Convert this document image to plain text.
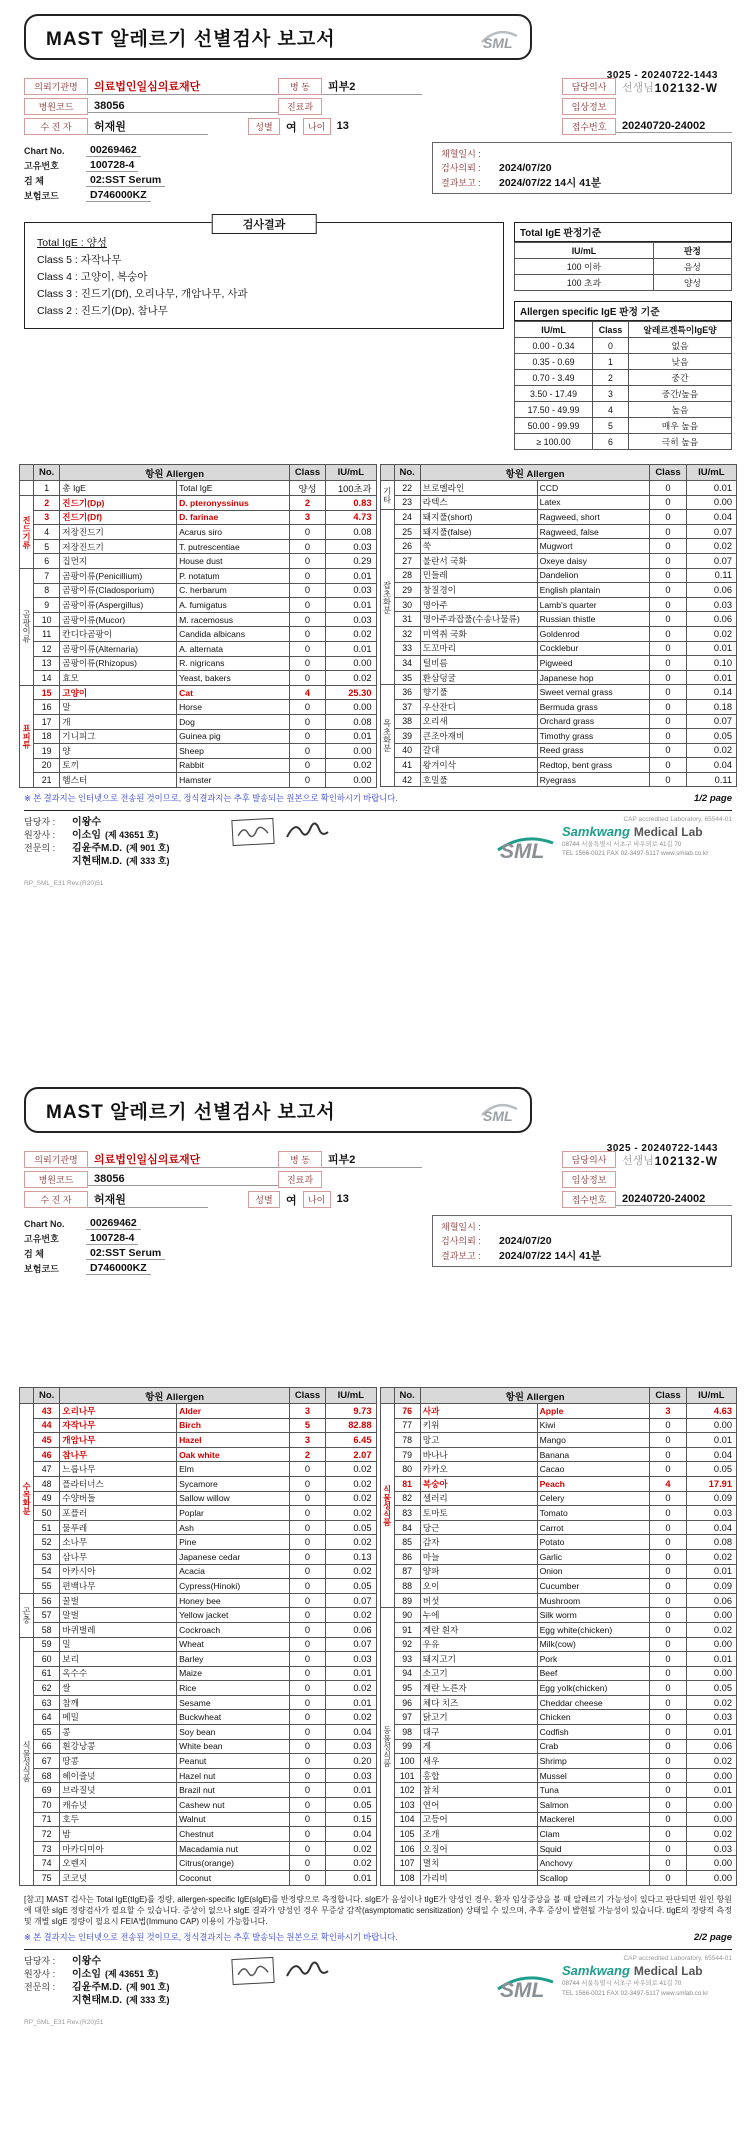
MAST 알레르기 선별검사 보고서	SML
3025 - 20240722-1443
102132-W
의뢰기관명	의료법인일심의료재단	병 동	피부2	담당의사	선생님
병원코드	38056	진료과	임상정보
수 진 자	허재원	성별	여	나이	13	접수번호	20240720-24002
Chart No.	00269462
고유번호	100728-4
검 체	02:SST Serum
보험코드	D746000KZ
채혈일시 :
검사의뢰 :	2024/07/20
결과보고 :	2024/07/22 14시 41분
검사결과
Total IgE : 양성
Class 5 : 자작나무
Class 4 : 고양이, 복숭아
Class 3 : 진드기(Df), 오리나무, 개암나무, 사과
Class 2 : 진드기(Dp), 참나무
Total IgE 판정기준
IU/mL	판정
100 이하	음성
100 초과	양성
Allergen specific IgE 판정 기준
IU/mL	Class	알레르겐특이IgE양
0.00 - 0.34	0	없음
0.35 - 0.69	1	낮음
0.70 - 3.49	2	중간
3.50 - 17.49	3	중간/높음
17.50 - 49.99	4	높음
50.00 - 99.99	5	매우 높음
≥ 100.00	6	극히 높음
	No.	항원 Allergen		Class	IU/mL
	1	총 IgE	Total IgE	양성	100초과
진드기류	2	진드기(Dp)	D. pteronyssinus	2	0.83
	3	진드기(Df)	D. farinae	3	4.73
	4	저장진드기	Acarus siro	0	0.08
	5	저장진드기	T. putrescentiae	0	0.03
	6	집먼지	House dust	0	0.29
곰팡이류	7	곰팡이류(Penicillium)	P. notatum	0	0.01
	8	곰팡이류(Cladosporium)	C. herbarum	0	0.03
	9	곰팡이류(Aspergillus)	A. fumigatus	0	0.01
	10	곰팡이류(Mucor)	M. racemosus	0	0.03
	11	칸디다곰팡이	Candida albicans	0	0.02
	12	곰팡이류(Alternaria)	A. alternata	0	0.01
	13	곰팡이류(Rhizopus)	R. nigricans	0	0.00
	14	효모	Yeast, bakers	0	0.02
표피류	15	고양이	Cat	4	25.30
	16	말	Horse	0	0.00
	17	개	Dog	0	0.08
	18	기니피그	Guinea pig	0	0.01
	19	양	Sheep	0	0.00
	20	토끼	Rabbit	0	0.02
	21	햄스터	Hamster	0	0.00
	No.	항원 Allergen		Class	IU/mL
기타	22	브로멜라인	CCD	0	0.01
	23	라텍스	Latex	0	0.00
잡초화분	24	돼지풀(short)	Ragweed, short	0	0.04
	25	돼지풀(false)	Ragweed, false	0	0.07
	26	쑥	Mugwort	0	0.02
	27	불란서 국화	Oxeye daisy	0	0.07
	28	민들레	Dandelion	0	0.11
	29	창질경이	English plantain	0	0.06
	30	명아주	Lamb's quarter	0	0.03
	31	명아주과잡풀(수송나물류)	Russian thistle	0	0.06
	32	미역취 국화	Goldenrod	0	0.02
	33	도꼬마리	Cocklebur	0	0.01
	34	털비름	Pigweed	0	0.10
	35	환삼덩굴	Japanese hop	0	0.01
목초화분	36	향기풀	Sweet vernal grass	0	0.14
	37	우산잔디	Bermuda grass	0	0.18
	38	오리새	Orchard grass	0	0.07
	39	큰조아재비	Timothy grass	0	0.05
	40	갈대	Reed grass	0	0.02
	41	왕겨이삭	Redtop, bent grass	0	0.04
	42	호밀풀	Ryegrass	0	0.11
※ 본 결과지는 인터넷으로 전송된 것이므로, 정식결과지는 추후 발송되는 원본으로 확인하시기 바랍니다.	1/2 page
담당자 : 이왕수
원장사 : 이소임 (제 43651 호)
전문의 : 김윤주M.D. (제 901 호)
지현태M.D. (제 333 호)
CAP accredited Laboratory, 65544-01
SML
Samkwang Medical Lab
08744 서울특별시 서초구 바우뫼로 41길 70
TEL 1566-0021 FAX 02-3497-5117 www.smlab.co.kr
RP_SML_E31 Rev.(R20)51
MAST 알레르기 선별검사 보고서	SML
3025 - 20240722-1443
102132-W
의뢰기관명	의료법인일심의료재단	병 동	피부2	담당의사	선생님
병원코드	38056	진료과	임상정보
수 진 자	허재원	성별	여	나이	13	접수번호	20240720-24002
Chart No.	00269462
고유번호	100728-4
검 체	02:SST Serum
보험코드	D746000KZ
채혈일시 :
검사의뢰 :	2024/07/20
결과보고 :	2024/07/22 14시 41분
	No.	항원 Allergen		Class	IU/mL
수목화분	43	오리나무	Alder	3	9.73
	44	자작나무	Birch	5	82.88
	45	개암나무	Hazel	3	6.45
	46	참나무	Oak white	2	2.07
	47	느릅나무	Elm	0	0.02
	48	플라터너스	Sycamore	0	0.02
	49	수양버들	Sallow willow	0	0.02
	50	포플러	Poplar	0	0.02
	51	물푸레	Ash	0	0.05
	52	소나무	Pine	0	0.02
	53	삼나무	Japanese cedar	0	0.13
	54	아카시아	Acacia	0	0.02
	55	편백나무	Cypress(Hinoki)	0	0.05
곤충	56	꿀벌	Honey bee	0	0.07
	57	말벌	Yellow jacket	0	0.02
	58	바퀴벌레	Cockroach	0	0.06
식물성식품	59	밀	Wheat	0	0.07
	60	보리	Barley	0	0.03
	61	옥수수	Maize	0	0.01
	62	쌀	Rice	0	0.02
	63	참깨	Sesame	0	0.01
	64	메밀	Buckwheat	0	0.02
	65	콩	Soy bean	0	0.04
	66	흰강낭콩	White bean	0	0.03
	67	땅콩	Peanut	0	0.20
	68	헤이즐넛	Hazel nut	0	0.03
	69	브라질넛	Brazil nut	0	0.01
	70	캐슈넛	Cashew nut	0	0.05
	71	호두	Walnut	0	0.15
	72	밤	Chestnut	0	0.04
	73	마카디미아	Macadamia nut	0	0.02
	74	오렌지	Citrus(orange)	0	0.02
	75	코코넛	Coconut	0	0.01
	No.	항원 Allergen		Class	IU/mL
식물성식품	76	사과	Apple	3	4.63
	77	키위	Kiwi	0	0.00
	78	망고	Mango	0	0.01
	79	바나나	Banana	0	0.04
	80	카카오	Cacao	0	0.05
	81	복숭아	Peach	4	17.91
	82	셀러리	Celery	0	0.09
	83	토마토	Tomato	0	0.03
	84	당근	Carrot	0	0.04
	85	감자	Potato	0	0.08
	86	마늘	Garlic	0	0.02
	87	양파	Onion	0	0.01
	88	오이	Cucumber	0	0.09
	89	버섯	Mushroom	0	0.06
동물성식품	90	누에	Silk worm	0	0.00
	91	계란 흰자	Egg white(chicken)	0	0.02
	92	우유	Milk(cow)	0	0.00
	93	돼지고기	Pork	0	0.01
	94	소고기	Beef	0	0.00
	95	계란 노른자	Egg yolk(chicken)	0	0.05
	96	체다 치즈	Cheddar cheese	0	0.02
	97	닭고기	Chicken	0	0.03
	98	대구	Codfish	0	0.01
	99	게	Crab	0	0.06
	100	새우	Shrimp	0	0.02
	101	홍합	Mussel	0	0.00
	102	참치	Tuna	0	0.01
	103	연어	Salmon	0	0.00
	104	고등어	Mackerel	0	0.00
	105	조개	Clam	0	0.02
	106	오징어	Squid	0	0.03
	107	멸치	Anchovy	0	0.00
	108	가리비	Scallop	0	0.00
[참고] MAST 검사는 Total IgE(tIgE)를 정량, allergen-specific IgE(sIgE)를 반정량으로 측정합니다. sIgE가 음성이나 tIgE가 양성인 경우, 환자 임상증상을 볼 때 알레르기 가능성이 있다고 판단되면 원인 항원에 대한 sIgE 정량검사가 필요할 수 있습니다. 증상이 없으나 sIgE 결과가 양성인 경우 무증상 감작(asymptomatic sensitization) 상태일 수 있으며, 추후 증상이 발현될 가능성이 있습니다. tIgE의 정량적 측정 및 개별 sIgE 정량이 필요시 FEIA법(Immuno CAP) 이용이 가능합니다.
※ 본 결과지는 인터넷으로 전송된 것이므로, 정식결과지는 추후 발송되는 원본으로 확인하시기 바랍니다.	2/2 page
담당자 : 이왕수
원장사 : 이소임 (제 43651 호)
전문의 : 김윤주M.D. (제 901 호)
지현태M.D. (제 333 호)
CAP accredited Laboratory, 65544-01
SML
Samkwang Medical Lab
08744 서울특별시 서초구 바우뫼로 41길 70
TEL 1566-0021 FAX 02-3497-5117 www.smlab.co.kr
RP_SML_E31 Rev.(R20)51
